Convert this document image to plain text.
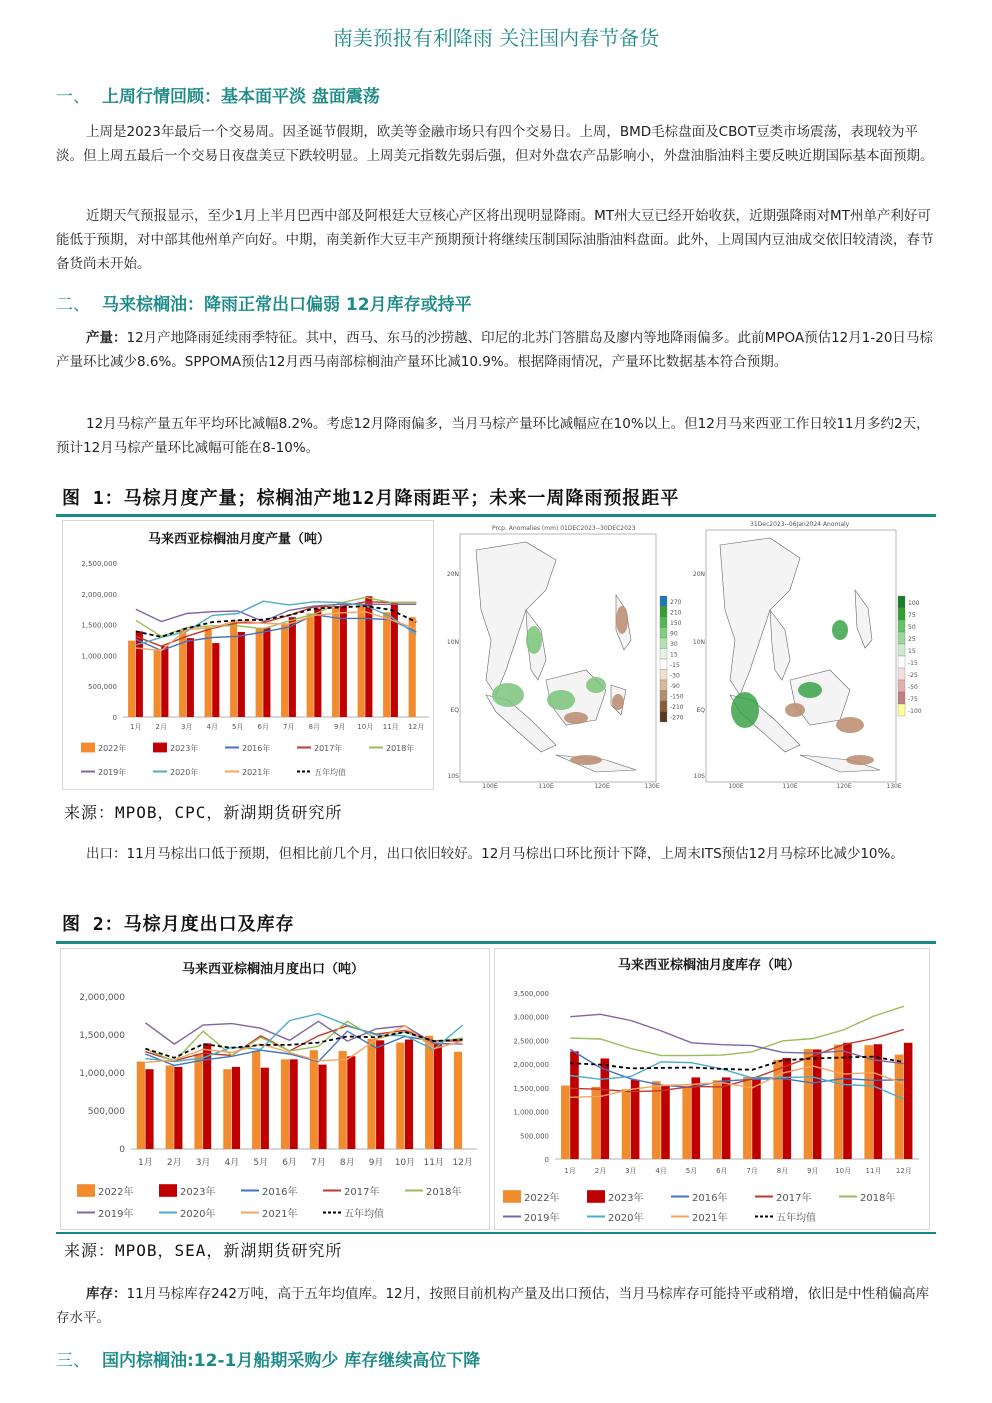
南美预报有利降雨 关注国内春节备货
一、 上周行情回顾：基本面平淡 盘面震荡
上周是2023年最后一个交易周。因圣诞节假期，欧美等金融市场只有四个交易日。上周，BMD毛棕盘面及CBOT豆类市场震荡，表现较为平淡。但上周五最后一个交易日夜盘美豆下跌较明显。上周美元指数先弱后强，但对外盘农产品影响小，外盘油脂油料主要反映近期国际基本面预期。
近期天气预报显示，至少1月上半月巴西中部及阿根廷大豆核心产区将出现明显降雨。MT州大豆已经开始收获，近期强降雨对MT州单产利好可能低于预期，对中部其他州单产向好。中期，南美新作大豆丰产预期预计将继续压制国际油脂油料盘面。此外，上周国内豆油成交依旧较清淡，春节备货尚未开始。
二、 马来棕榈油：降雨正常出口偏弱 12月库存或持平
产量：12月产地降雨延续雨季特征。其中，西马、东马的沙捞越、印尼的北苏门答腊岛及廖内等地降雨偏多。此前MPOA预估12月1-20日马棕产量环比减少8.6%。SPPOMA预估12月西马南部棕榈油产量环比减10.9%。根据降雨情况，产量环比数据基本符合预期。
12月马棕产量五年平均环比减幅8.2%。考虑12月降雨偏多，当月马棕产量环比减幅应在10%以上。但12月马来西亚工作日较11月多约2天，预计12月马棕产量环比减幅可能在8-10%。
图 1：马棕月度产量；棕榈油产地12月降雨距平；未来一周降雨预报距平
马来西亚棕榈油月度产量（吨）
2,500,000
2,000,000
1,500,000
1,000,000
500,000
0
1月 2月 3月 4月 5月 6月 7月 8月 9月 10月 11月 12月
2022年	2023年	2016年	2017年	2018年
2019年	2020年	2021年	五年均值
Prcp. Anomalies (mm) 01DEC2023--30DEC2023
270
210
150
90
30
15
-15
-30
-90
-150
-210
-270
20N
10N
EQ
10S
100E	110E	120E	130E
31Dec2023--06Jan2024 Anomaly
100
75
50
25
15
-15
-25
-50
-75
-100
20N
10N
EQ
10S
100E	110E	120E	130E
来源：MPOB，CPC，新湖期货研究所
出口：11月马棕出口低于预期，但相比前几个月，出口依旧较好。12月马棕出口环比预计下降，上周末ITS预估12月马棕环比减少10%。
图 2：马棕月度出口及库存
马来西亚棕榈油月度出口（吨）
2,000,000
1,500,000
1,000,000
500,000
0
1月 2月 3月 4月 5月 6月 7月 8月 9月 10月 11月 12月
2022年	2023年	2016年	2017年	2018年
2019年	2020年	2021年	五年均值
马来西亚棕榈油月度库存（吨）
3,500,000
3,000,000
2,500,000
2,000,000
1,500,000
1,000,000
500,000
0
1月	2月	3月	4月	5月	6月	7月	8月	9月 10月 11月 12月
2022年	2023年	2016年	2017年	2018年
2019年	2020年	2021年	五年均值
来源：MPOB，SEA，新湖期货研究所
库存：11月马棕库存242万吨，高于五年均值库。12月，按照目前机构产量及出口预估，当月马棕库存可能持平或稍增，依旧是中性稍偏高库存水平。
三、 国内棕榈油:12-1月船期采购少 库存继续高位下降
